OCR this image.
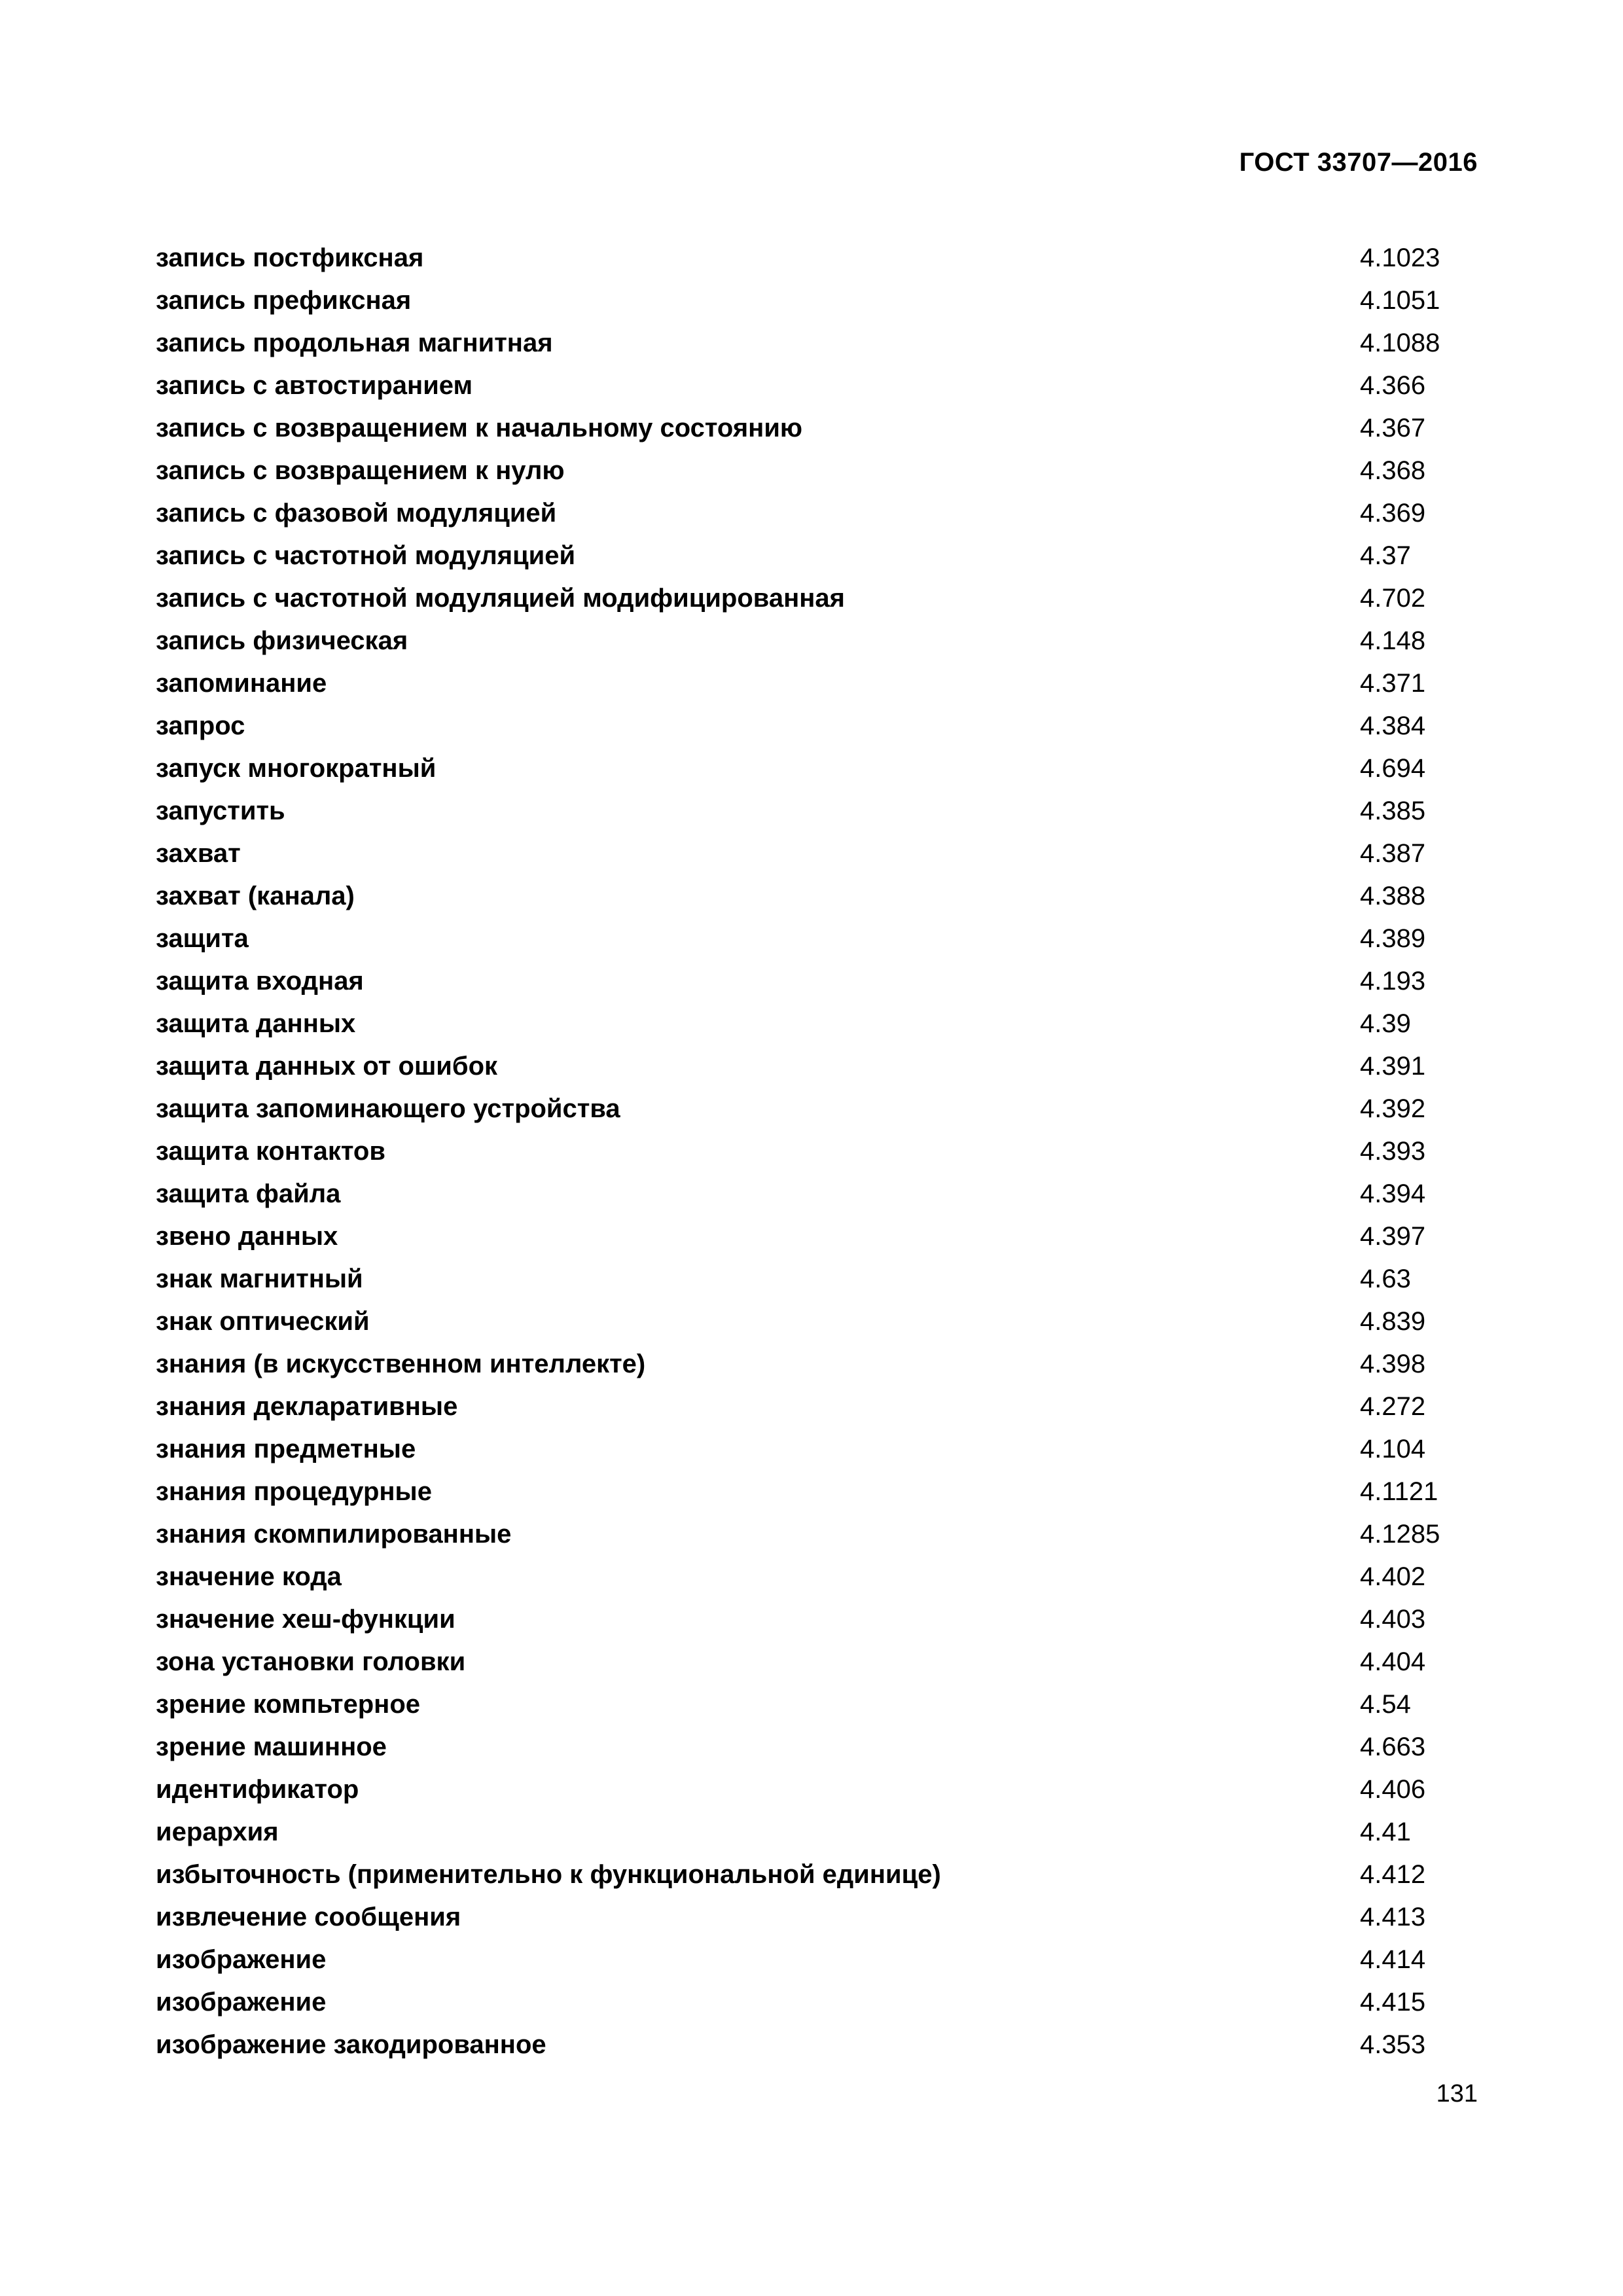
ГОСТ 33707—2016
запись постфиксная	4.1023
запись префиксная	4.1051
запись продольная магнитная	4.1088
запись с автостиранием	4.366
запись с возвращением к начальному состоянию	4.367
запись с возвращением к нулю	4.368
запись с фазовой модуляцией	4.369
запись с частотной модуляцией	4.37
запись с частотной модуляцией модифицированная	4.702
запись физическая	4.148
запоминание	4.371
запрос	4.384
запуск многократный	4.694
запустить	4.385
захват	4.387
захват (канала)	4.388
защита	4.389
защита входная	4.193
защита данных	4.39
защита данных от ошибок	4.391
защита запоминающего устройства	4.392
защита контактов	4.393
защита файла	4.394
звено данных	4.397
знак магнитный	4.63
знак оптический	4.839
знания (в искусственном интеллекте)	4.398
знания декларативные	4.272
знания предметные	4.104
знания процедурные	4.1121
знания скомпилированные	4.1285
значение кода	4.402
значение хеш-функции	4.403
зона установки головки	4.404
зрение компьтерное	4.54
зрение машинное	4.663
идентификатор	4.406
иерархия	4.41
избыточность (применительно к функциональной единице)	4.412
извлечение сообщения	4.413
изображение	4.414
изображение	4.415
изображение закодированное	4.353
131
